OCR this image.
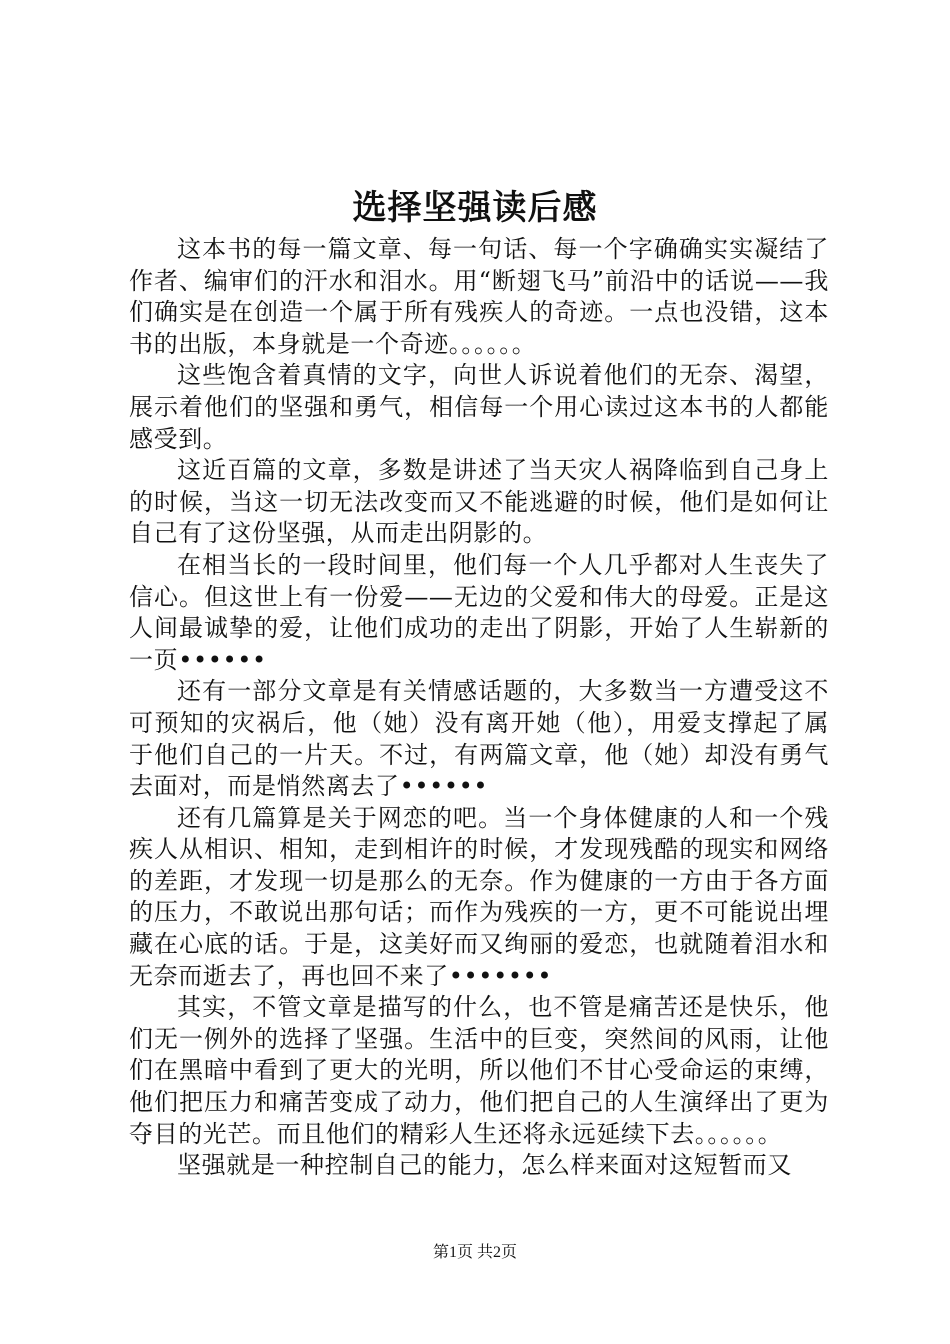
选择坚强读后感

这本书的每一篇文章、每一句话、每一个字确确实实凝结了作者、编审们的汗水和泪水。用“断翅飞马”前沿中的话说——我们确实是在创造一个属于所有残疾人的奇迹。一点也没错，这本书的出版，本身就是一个奇迹。。。。。。

这些饱含着真情的文字，向世人诉说着他们的无奈、渴望，展示着他们的坚强和勇气，相信每一个用心读过这本书的人都能感受到。

这近百篇的文章，多数是讲述了当天灾人祸降临到自己身上的时候，当这一切无法改变而又不能逃避的时候，他们是如何让自己有了这份坚强，从而走出阴影的。

在相当长的一段时间里，他们每一个人几乎都对人生丧失了信心。但这世上有一份爱——无边的父爱和伟大的母爱。正是这人间最诚挚的爱，让他们成功的走出了阴影，开始了人生崭新的一页••••••

还有一部分文章是有关情感话题的，大多数当一方遭受这不可预知的灾祸后，他（她）没有离开她（他），用爱支撑起了属于他们自己的一片天。不过，有两篇文章，他（她）却没有勇气去面对，而是悄然离去了••••••

还有几篇算是关于网恋的吧。当一个身体健康的人和一个残疾人从相识、相知，走到相许的时候，才发现残酷的现实和网络的差距，才发现一切是那么的无奈。作为健康的一方由于各方面的压力，不敢说出那句话；而作为残疾的一方，更不可能说出埋藏在心底的话。于是，这美好而又绚丽的爱恋，也就随着泪水和无奈而逝去了，再也回不来了•••••••

其实，不管文章是描写的什么，也不管是痛苦还是快乐，他们无一例外的选择了坚强。生活中的巨变，突然间的风雨，让他们在黑暗中看到了更大的光明，所以他们不甘心受命运的束缚，他们把压力和痛苦变成了动力，他们把自己的人生演绎出了更为夺目的光芒。而且他们的精彩人生还将永远延续下去。。。。。。

坚强就是一种控制自己的能力，怎么样来面对这短暂而又

第1页 共2页
